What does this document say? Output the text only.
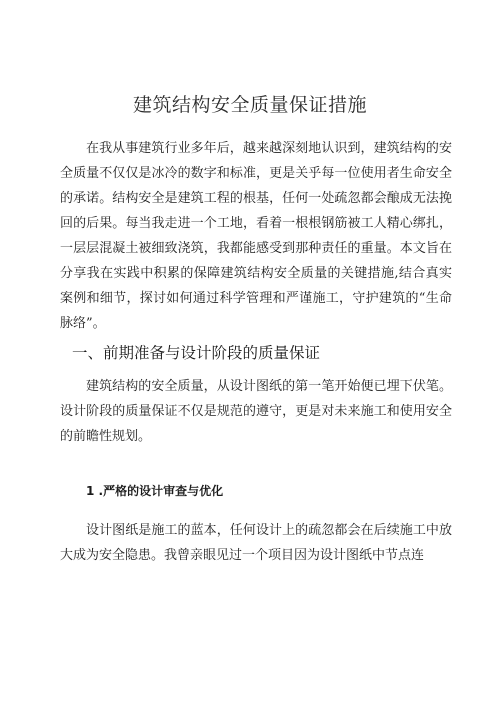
建筑结构安全质量保证措施

在我从事建筑行业多年后，越来越深刻地认识到，建筑结构的安全质量不仅仅是冰冷的数字和标准，更是关乎每一位使用者生命安全的承诺。结构安全是建筑工程的根基，任何一处疏忽都会酿成无法挽回的后果。每当我走进一个工地，看着一根根钢筋被工人精心绑扎，一层层混凝土被细致浇筑，我都能感受到那种责任的重量。本文旨在分享我在实践中积累的保障建筑结构安全质量的关键措施,结合真实案例和细节，探讨如何通过科学管理和严谨施工，守护建筑的“生命脉络”。

一、前期准备与设计阶段的质量保证

建筑结构的安全质量，从设计图纸的第一笔开始便已埋下伏笔。设计阶段的质量保证不仅是规范的遵守，更是对未来施工和使用安全的前瞻性规划。

1 .严格的设计审查与优化

设计图纸是施工的蓝本，任何设计上的疏忽都会在后续施工中放大成为安全隐患。我曾亲眼见过一个项目因为设计图纸中节点连
